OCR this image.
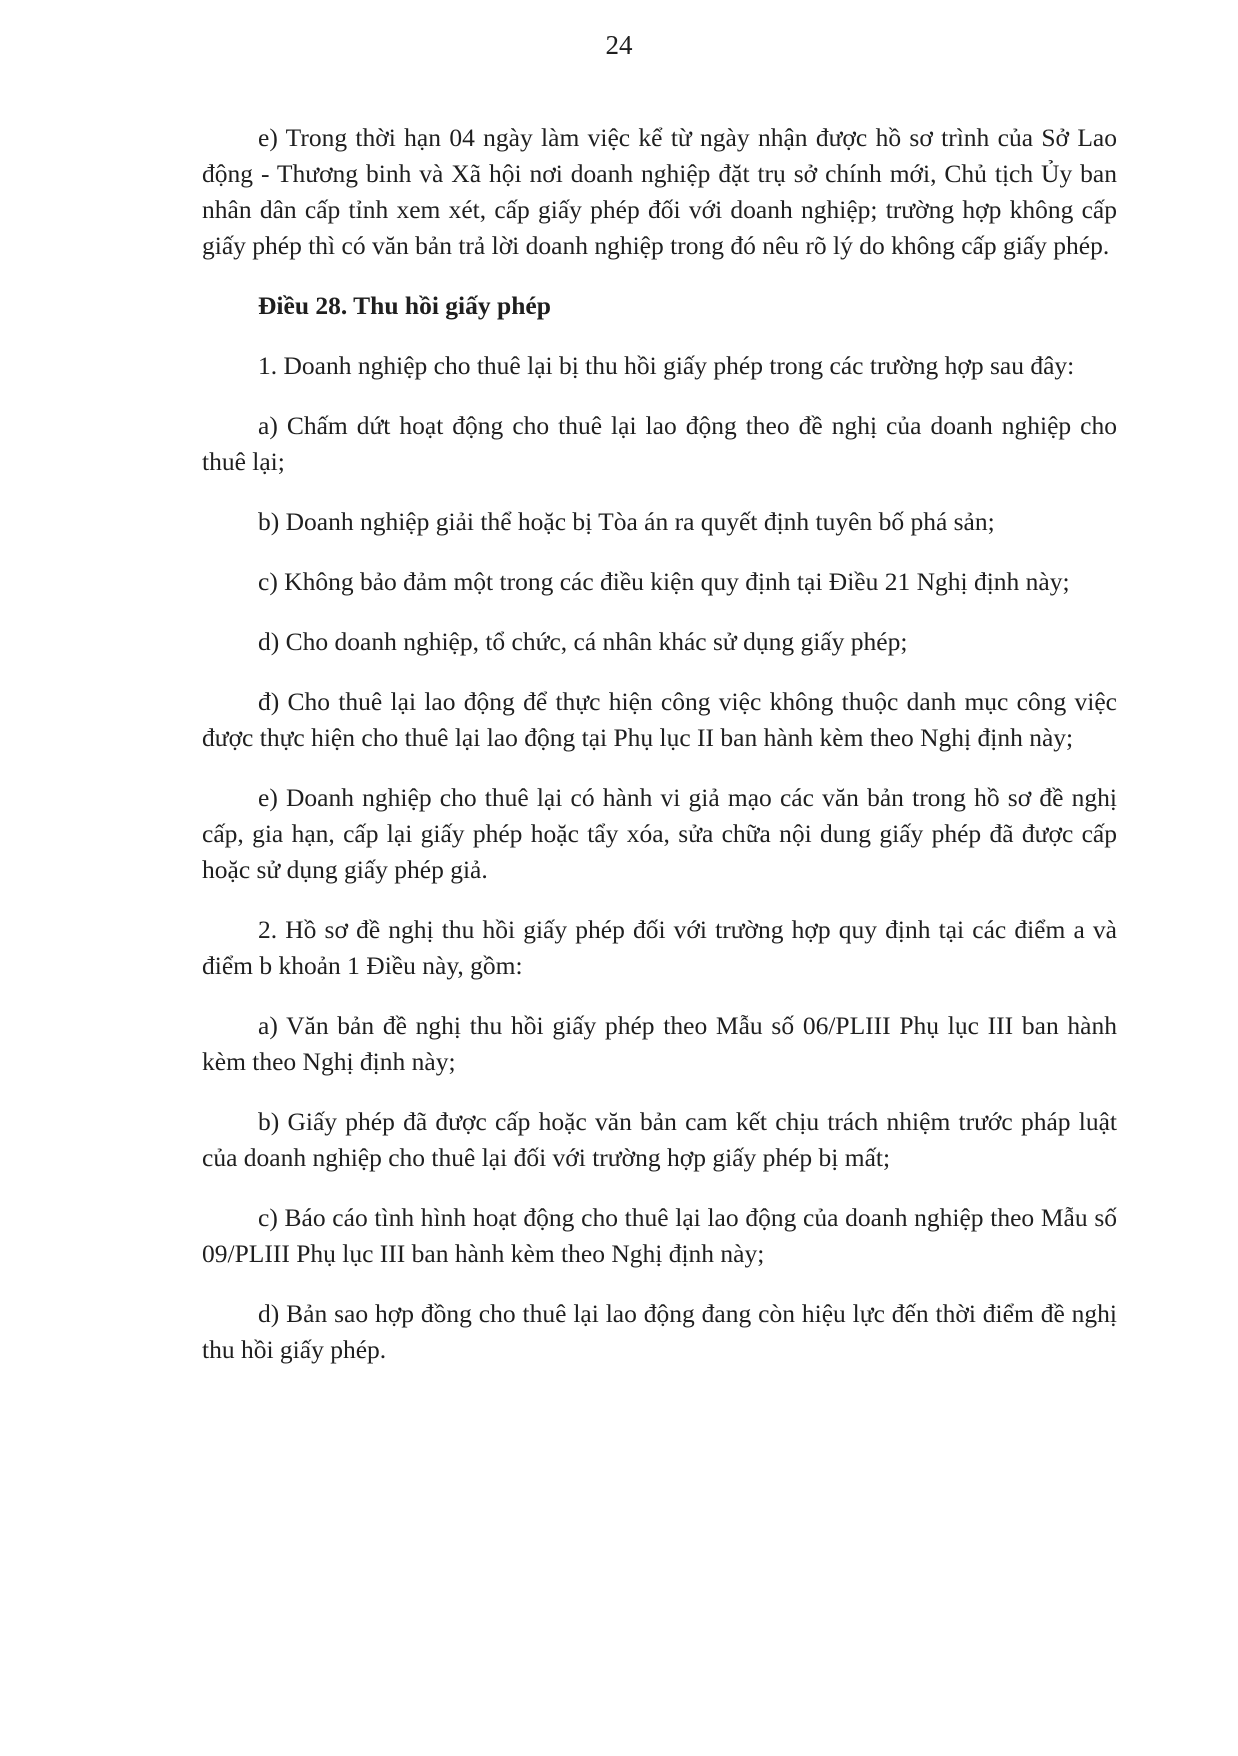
24

e) Trong thời hạn 04 ngày làm việc kể từ ngày nhận được hồ sơ trình của Sở Lao động - Thương binh và Xã hội nơi doanh nghiệp đặt trụ sở chính mới, Chủ tịch Ủy ban nhân dân cấp tỉnh xem xét, cấp giấy phép đối với doanh nghiệp; trường hợp không cấp giấy phép thì có văn bản trả lời doanh nghiệp trong đó nêu rõ lý do không cấp giấy phép.

Điều 28. Thu hồi giấy phép

1. Doanh nghiệp cho thuê lại bị thu hồi giấy phép trong các trường hợp sau đây:

a) Chấm dứt hoạt động cho thuê lại lao động theo đề nghị của doanh nghiệp cho thuê lại;

b) Doanh nghiệp giải thể hoặc bị Tòa án ra quyết định tuyên bố phá sản;

c) Không bảo đảm một trong các điều kiện quy định tại Điều 21 Nghị định này;

d) Cho doanh nghiệp, tổ chức, cá nhân khác sử dụng giấy phép;

đ) Cho thuê lại lao động để thực hiện công việc không thuộc danh mục công việc được thực hiện cho thuê lại lao động tại Phụ lục II ban hành kèm theo Nghị định này;

e) Doanh nghiệp cho thuê lại có hành vi giả mạo các văn bản trong hồ sơ đề nghị cấp, gia hạn, cấp lại giấy phép hoặc tẩy xóa, sửa chữa nội dung giấy phép đã được cấp hoặc sử dụng giấy phép giả.

2. Hồ sơ đề nghị thu hồi giấy phép đối với trường hợp quy định tại các điểm a và điểm b khoản 1 Điều này, gồm:

a) Văn bản đề nghị thu hồi giấy phép theo Mẫu số 06/PLIII Phụ lục III ban hành kèm theo Nghị định này;

b) Giấy phép đã được cấp hoặc văn bản cam kết chịu trách nhiệm trước pháp luật của doanh nghiệp cho thuê lại đối với trường hợp giấy phép bị mất;

c) Báo cáo tình hình hoạt động cho thuê lại lao động của doanh nghiệp theo Mẫu số 09/PLIII Phụ lục III ban hành kèm theo Nghị định này;

d) Bản sao hợp đồng cho thuê lại lao động đang còn hiệu lực đến thời điểm đề nghị thu hồi giấy phép.
